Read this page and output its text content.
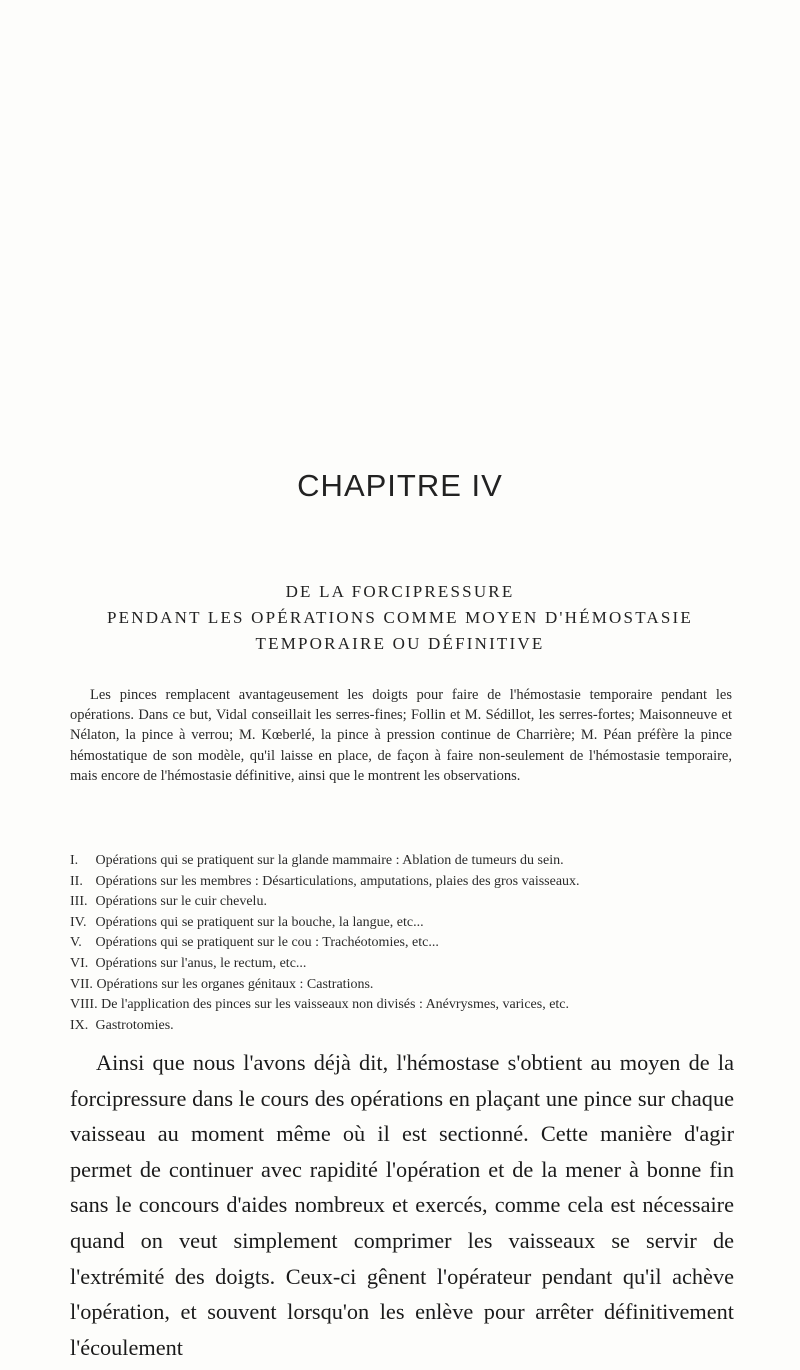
CHAPITRE IV
DE LA FORCIPRESSURE
PENDANT LES OPÉRATIONS COMME MOYEN D'HÉMOSTASIE
TEMPORAIRE OU DÉFINITIVE

Les pinces remplacent avantageusement les doigts pour faire de l'hémostasie temporaire pendant les opérations. Dans ce but, Vidal conseillait les serres-fines; Follin et M. Sédillot, les serres-fortes; Maisonneuve et Nélaton, la pince à verrou; M. Kœberlé, la pince à pression continue de Charrière; M. Péan préfère la pince hémostatique de son modèle, qu'il laisse en place, de façon à faire non-seulement de l'hémostasie temporaire, mais encore de l'hémostasie définitive, ainsi que le montrent les observations.

I. Opérations qui se pratiquent sur la glande mammaire : Ablation de tumeurs du sein.
II. Opérations sur les membres : Désarticulations, amputations, plaies des gros vaisseaux.
III. Opérations sur le cuir chevelu.
IV. Opérations qui se pratiquent sur la bouche, la langue, etc...
V. Opérations qui se pratiquent sur le cou : Trachéotomies, etc...
VI. Opérations sur l'anus, le rectum, etc...
VII. Opérations sur les organes génitaux : Castrations.
VIII. De l'application des pinces sur les vaisseaux non divisés : Anévrysmes, varices, etc.
IX. Gastrotomies.

Ainsi que nous l'avons déjà dit, l'hémostase s'obtient au moyen de la forcipressure dans le cours des opérations en plaçant une pince sur chaque vaisseau au moment même où il est sectionné. Cette manière d'agir permet de continuer avec rapidité l'opération et de la mener à bonne fin sans le concours d'aides nombreux et exercés, comme cela est nécessaire quand on veut simplement comprimer les vaisseaux se servir de l'extrémité des doigts. Ceux-ci gênent l'opérateur pendant qu'il achève l'opération, et souvent lorsqu'on les enlève pour arrêter définitivement l'écoulement
